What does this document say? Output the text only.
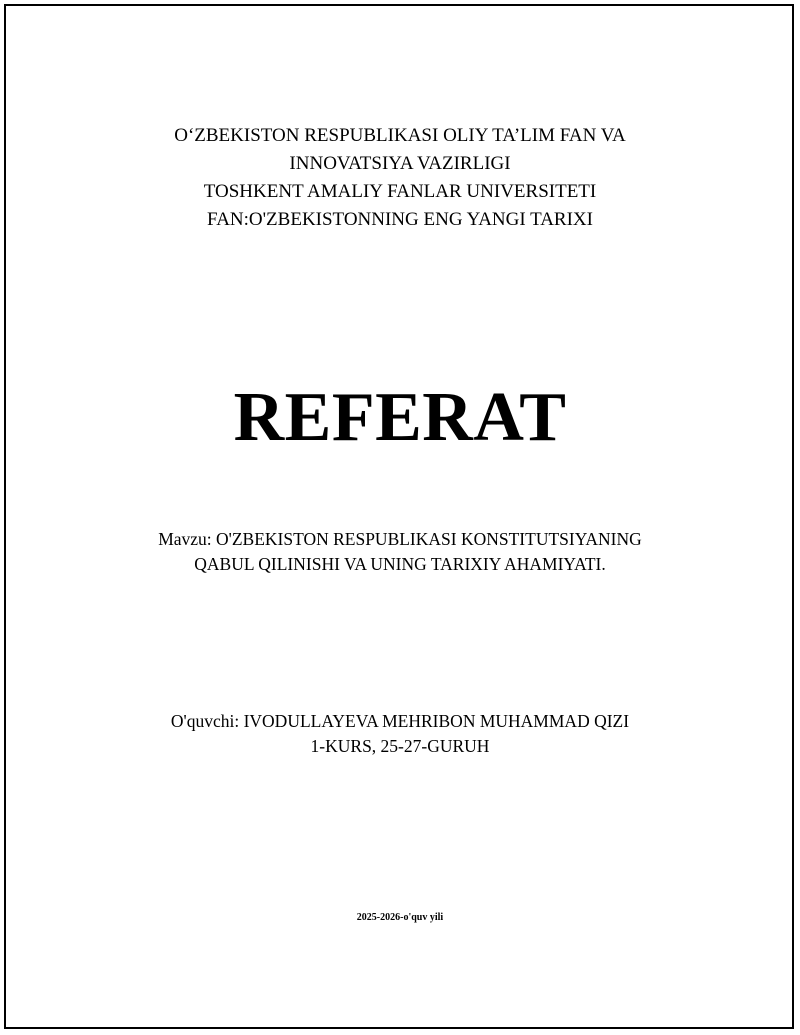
O‘ZBEKISTON RESPUBLIKASI OLIY TA’LIM FAN VA
INNOVATSIYA VAZIRLIGI
TOSHKENT AMALIY FANLAR UNIVERSITETI
FAN:O'ZBEKISTONNING ENG YANGI TARIXI
REFERAT
Mavzu: O'ZBEKISTON RESPUBLIKASI KONSTITUTSIYANING
QABUL QILINISHI VA UNING TARIXIY AHAMIYATI.
O'quvchi: IVODULLAYEVA MEHRIBON MUHAMMAD QIZI
1-KURS, 25-27-GURUH
2025-2026-o'quv yili
